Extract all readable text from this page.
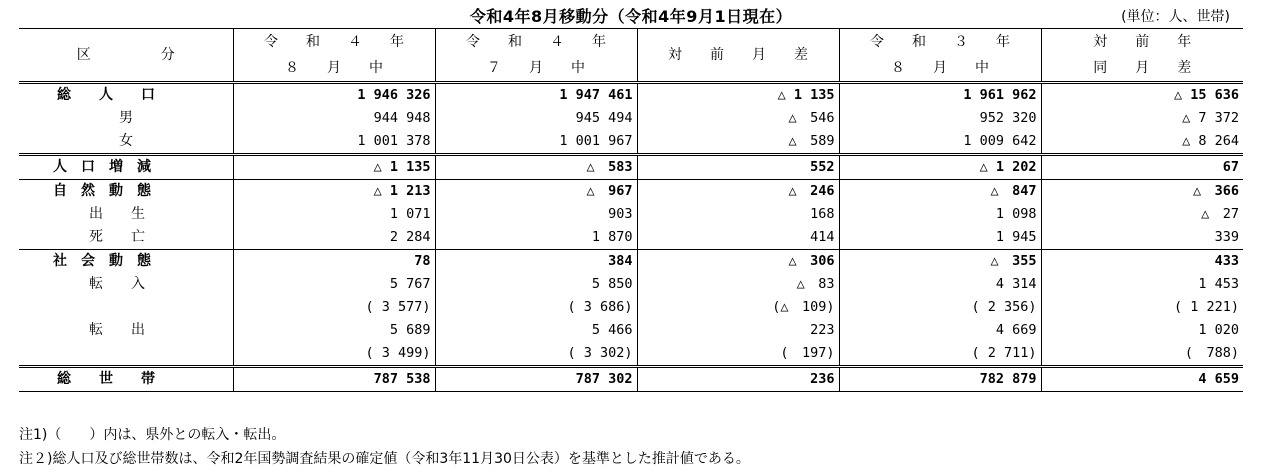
令和4年8月移動分（令和4年9月1日現在）	(単位：人、世帯)
区　　　　　分	令　　和　　４　　年	令　　和　　４　　年	対　　前　　月　　差	令　　和　　３　　年	対　　前　　年
	８　　月　　中	７　　月　　中		８　　月　　中	同　　月　　差
総　　人　　口	1 946 326	1 947 461	△ 1 135	1 961 962	△ 15 636
男	944 948	945 494	△　546	952 320	△ 7 372
女	1 001 378	1 001 967	△　589	1 009 642	△ 8 264
人　口　増　減	△ 1 135	△　583	552	△ 1 202	67
自　然　動　態	△ 1 213	△　967	△　246	△　847	△　366
出　　生	1 071	903	168	1 098	△　27
死　　亡	2 284	1 870	414	1 945	339
社　会　動　態	78	384	△　306	△　355	433
転　　入	5 767	5 850	△　83	4 314	1 453
	( 3 577)	( 3 686)	(△　109)	( 2 356)	( 1 221)
転　　出	5 689	5 466	223	4 669	1 020
	( 3 499)	( 3 302)	(　197)	( 2 711)	(　788)
総　　世　　帯	787 538	787 302	236	782 879	4 659
注1)（　　）内は、県外との転入・転出。
注２)総人口及び総世帯数は、令和2年国勢調査結果の確定値（令和3年11月30日公表）を基準とした推計値である。
